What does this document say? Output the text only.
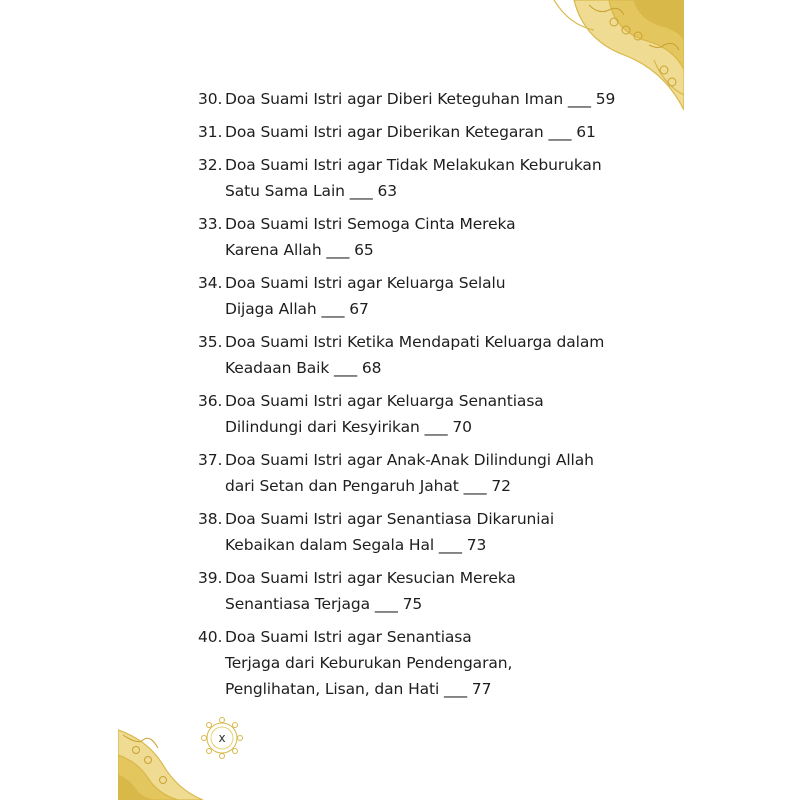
30. Doa Suami Istri agar Diberi Keteguhan Iman ___ 59
31. Doa Suami Istri agar Diberikan Ketegaran ___ 61
32. Doa Suami Istri agar Tidak Melakukan Keburukan
Satu Sama Lain ___ 63
33. Doa Suami Istri Semoga Cinta Mereka
Karena Allah ___ 65
34. Doa Suami Istri agar Keluarga Selalu
Dijaga Allah ___ 67
35. Doa Suami Istri Ketika Mendapati Keluarga dalam
Keadaan Baik ___ 68
36. Doa Suami Istri agar Keluarga Senantiasa
Dilindungi dari Kesyirikan ___ 70
37. Doa Suami Istri agar Anak-Anak Dilindungi Allah
dari Setan dan Pengaruh Jahat ___ 72
38. Doa Suami Istri agar Senantiasa Dikaruniai
Kebaikan dalam Segala Hal ___ 73
39. Doa Suami Istri agar Kesucian Mereka
Senantiasa Terjaga ___ 75
40. Doa Suami Istri agar Senantiasa
Terjaga dari Keburukan Pendengaran,
Penglihatan, Lisan, dan Hati ___ 77
x
